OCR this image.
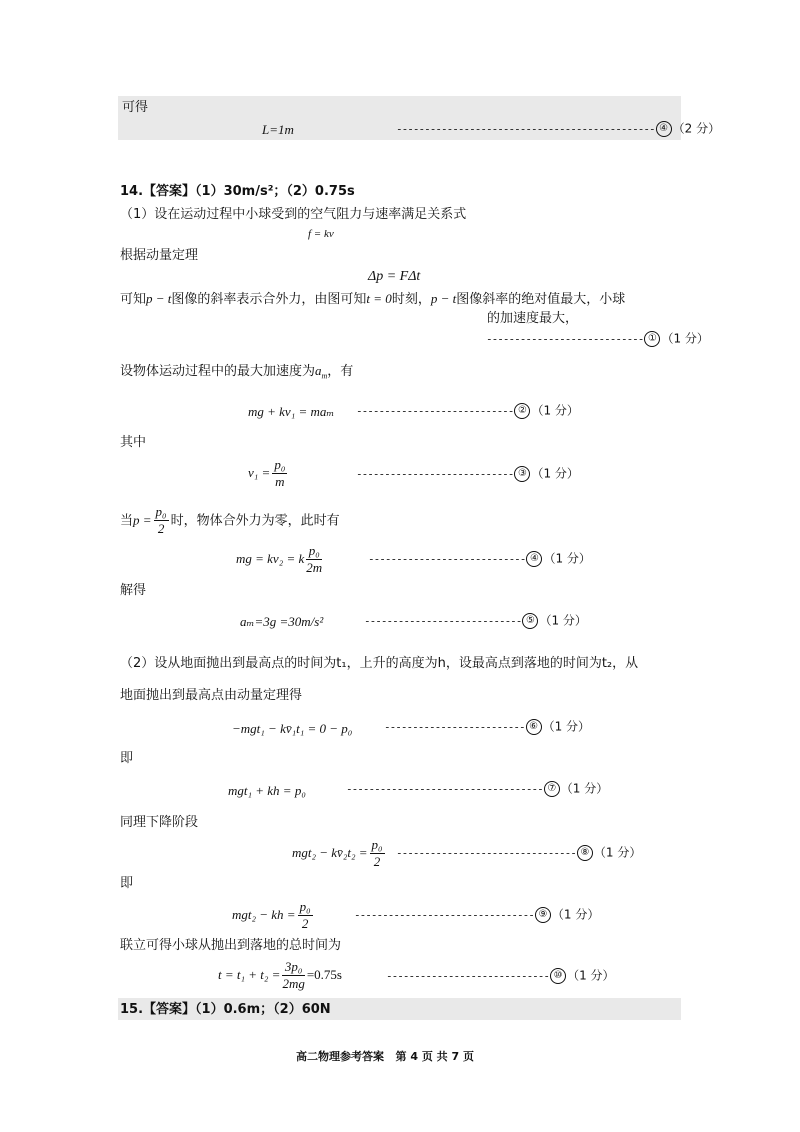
可得
L=1m	---------------------------------------------- ④ （2 分）
14.【答案】（1）30m/s²；（2）0.75s
（1）设在运动过程中小球受到的空气阻力与速率满足关系式
f = kv
根据动量定理
Δp = FΔt
可知p − t图像的斜率表示合外力，由图可知t = 0时刻，p − t图像斜率的绝对值最大，小球
的加速度最大，
---------------------------- ① （1 分）
设物体运动过程中的最大加速度为$a_m$，有
mg + kv₁ = maₘ ---------------------------- ② （1 分）
其中
$v_1 = \frac{\text{p₀}}{m}$	---------------------------- ③ （1 分）
当$p = \frac{\text{p₀}}{2}$ 时，物体合外力为零，此时有
mg = kv₂ = k $\frac{\text{p₀}}{2m}$	---------------------------- ④ （1 分）
解得
aₘ=3g =30m/s²	---------------------------- ⑤ （1 分）
（2）设从地面抛出到最高点的时间为t₁，上升的高度为h，设最高点到落地的时间为t₂，从
地面抛出到最高点由动量定理得
−mgt₁ − kv̄₁t₁ = 0 − p₀	------------------------- ⑥ （1 分）
即
mgt₁ + kh = p₀	----------------------------------- ⑦ （1 分）
同理下降阶段
mgt₂ − kv̄₂t₂ = $\frac{\text{p₀}}{2}$ -------------------------------- ⑧ （1 分）
即
mgt₂ − kh = $\frac{\text{p₀}}{2}$	-------------------------------- ⑨ （1 分）
联立可得小球从抛出到落地的总时间为
$t = t_1 + t_2 = \frac{\text{3p₀}}{2mg} =0.75s$	----------------------------- ⑩ （1 分）
15.【答案】（1）0.6m；（2）60N
高二物理参考答案 第 4 页 共 7 页
